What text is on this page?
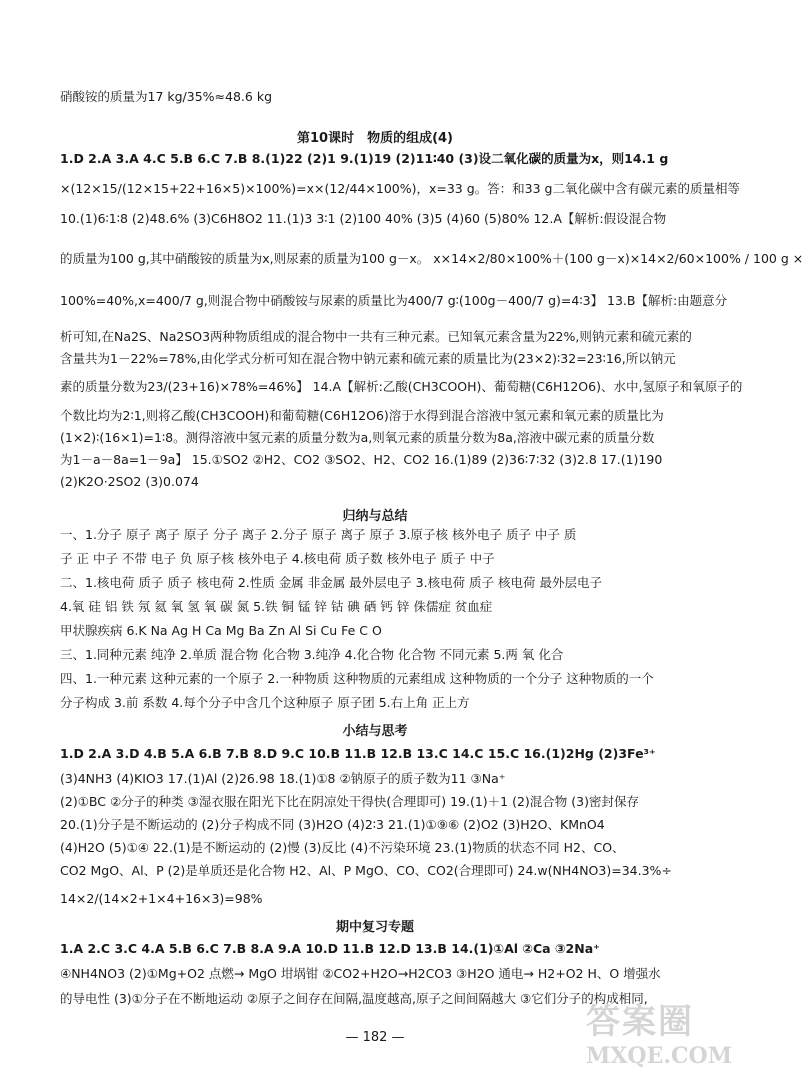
硝酸铵的质量为17 kg/35%≈48.6 kg
第10课时　物质的组成(4)
1.D 2.A 3.A 4.C 5.B 6.C 7.B 8.(1)22 (2)1 9.(1)19 (2)11∶40 (3)设二氧化碳的质量为x，则14.1 g
×(12×15/(12×15+22+16×5)×100%)=x×(12/44×100%)，x=33 g。答：和33 g二氧化碳中含有碳元素的质量相等
10.(1)6∶1∶8 (2)48.6% (3)C6H8O2 11.(1)3 3∶1 (2)100 40% (3)5 (4)60 (5)80% 12.A【解析:假设混合物
的质量为100 g,其中硝酸铵的质量为x,则尿素的质量为100 g－x。 x×14×2/80×100%＋(100 g－x)×14×2/60×100% / 100 g ×
100%=40%,x=400/7 g,则混合物中硝酸铵与尿素的质量比为400/7 g∶(100g－400/7 g)=4∶3】 13.B【解析:由题意分
析可知,在Na2S、Na2SO3两种物质组成的混合物中一共有三种元素。已知氧元素含量为22%,则钠元素和硫元素的
含量共为1－22%=78%,由化学式分析可知在混合物中钠元素和硫元素的质量比为(23×2)∶32=23∶16,所以钠元
素的质量分数为23/(23+16)×78%=46%】 14.A【解析:乙酸(CH3COOH)、葡萄糖(C6H12O6)、水中,氢原子和氧原子的
个数比均为2∶1,则将乙酸(CH3COOH)和葡萄糖(C6H12O6)溶于水得到混合溶液中氢元素和氧元素的质量比为
(1×2)∶(16×1)=1∶8。测得溶液中氢元素的质量分数为a,则氧元素的质量分数为8a,溶液中碳元素的质量分数
为1－a－8a=1－9a】 15.①SO2 ②H2、CO2 ③SO2、H2、CO2 16.(1)89 (2)36∶7∶32 (3)2.8 17.(1)190
(2)K2O·2SO2 (3)0.074
归纳与总结
一、1.分子 原子 离子 原子 分子 离子 2.分子 原子 离子 原子 3.原子核 核外电子 质子 中子 质
子 正 中子 不带 电子 负 原子核 核外电子 4.核电荷 质子数 核外电子 质子 中子
二、1.核电荷 质子 质子 核电荷 2.性质 金属 非金属 最外层电子 3.核电荷 质子 核电荷 最外层电子
4.氧 硅 铝 铁 氖 氦 氧 氢 氧 碳 氮 5.铁 铜 锰 锌 钴 碘 硒 钙 锌 侏儒症 贫血症
甲状腺疾病 6.K Na Ag H Ca Mg Ba Zn Al Si Cu Fe C O
三、1.同种元素 纯净 2.单质 混合物 化合物 3.纯净 4.化合物 化合物 不同元素 5.两 氧 化合
四、1.一种元素 这种元素的一个原子 2.一种物质 这种物质的元素组成 这种物质的一个分子 这种物质的一个
分子构成 3.前 系数 4.每个分子中含几个这种原子 原子团 5.右上角 正上方
小结与思考
1.D 2.A 3.D 4.B 5.A 6.B 7.B 8.D 9.C 10.B 11.B 12.B 13.C 14.C 15.C 16.(1)2Hg (2)3Fe³⁺
(3)4NH3 (4)KIO3 17.(1)Al (2)26.98 18.(1)①8 ②钠原子的质子数为11 ③Na⁺
(2)①BC ②分子的种类 ③湿衣服在阳光下比在阴凉处干得快(合理即可) 19.(1)＋1 (2)混合物 (3)密封保存
20.(1)分子是不断运动的 (2)分子构成不同 (3)H2O (4)2∶3 21.(1)①⑨⑥ (2)O2 (3)H2O、KMnO4
(4)H2O (5)①④ 22.(1)是不断运动的 (2)慢 (3)反比 (4)不污染环境 23.(1)物质的状态不同 H2、CO、
CO2 MgO、Al、P (2)是单质还是化合物 H2、Al、P MgO、CO、CO2(合理即可) 24.w(NH4NO3)=34.3%÷
14×2/(14×2+1×4+16×3)=98%
期中复习专题
1.A 2.C 3.C 4.A 5.B 6.C 7.B 8.A 9.A 10.D 11.B 12.D 13.B 14.(1)①Al ②Ca ③2Na⁺
④NH4NO3 (2)①Mg+O2 点燃→ MgO 坩埚钳 ②CO2+H2O→H2CO3 ③H2O 通电→ H2+O2 H、O 增强水
的导电性 (3)①分子在不断地运动 ②原子之间存在间隔,温度越高,原子之间间隔越大 ③它们分子的构成相同,
— 182 —	答案圈
MXQE.COM
